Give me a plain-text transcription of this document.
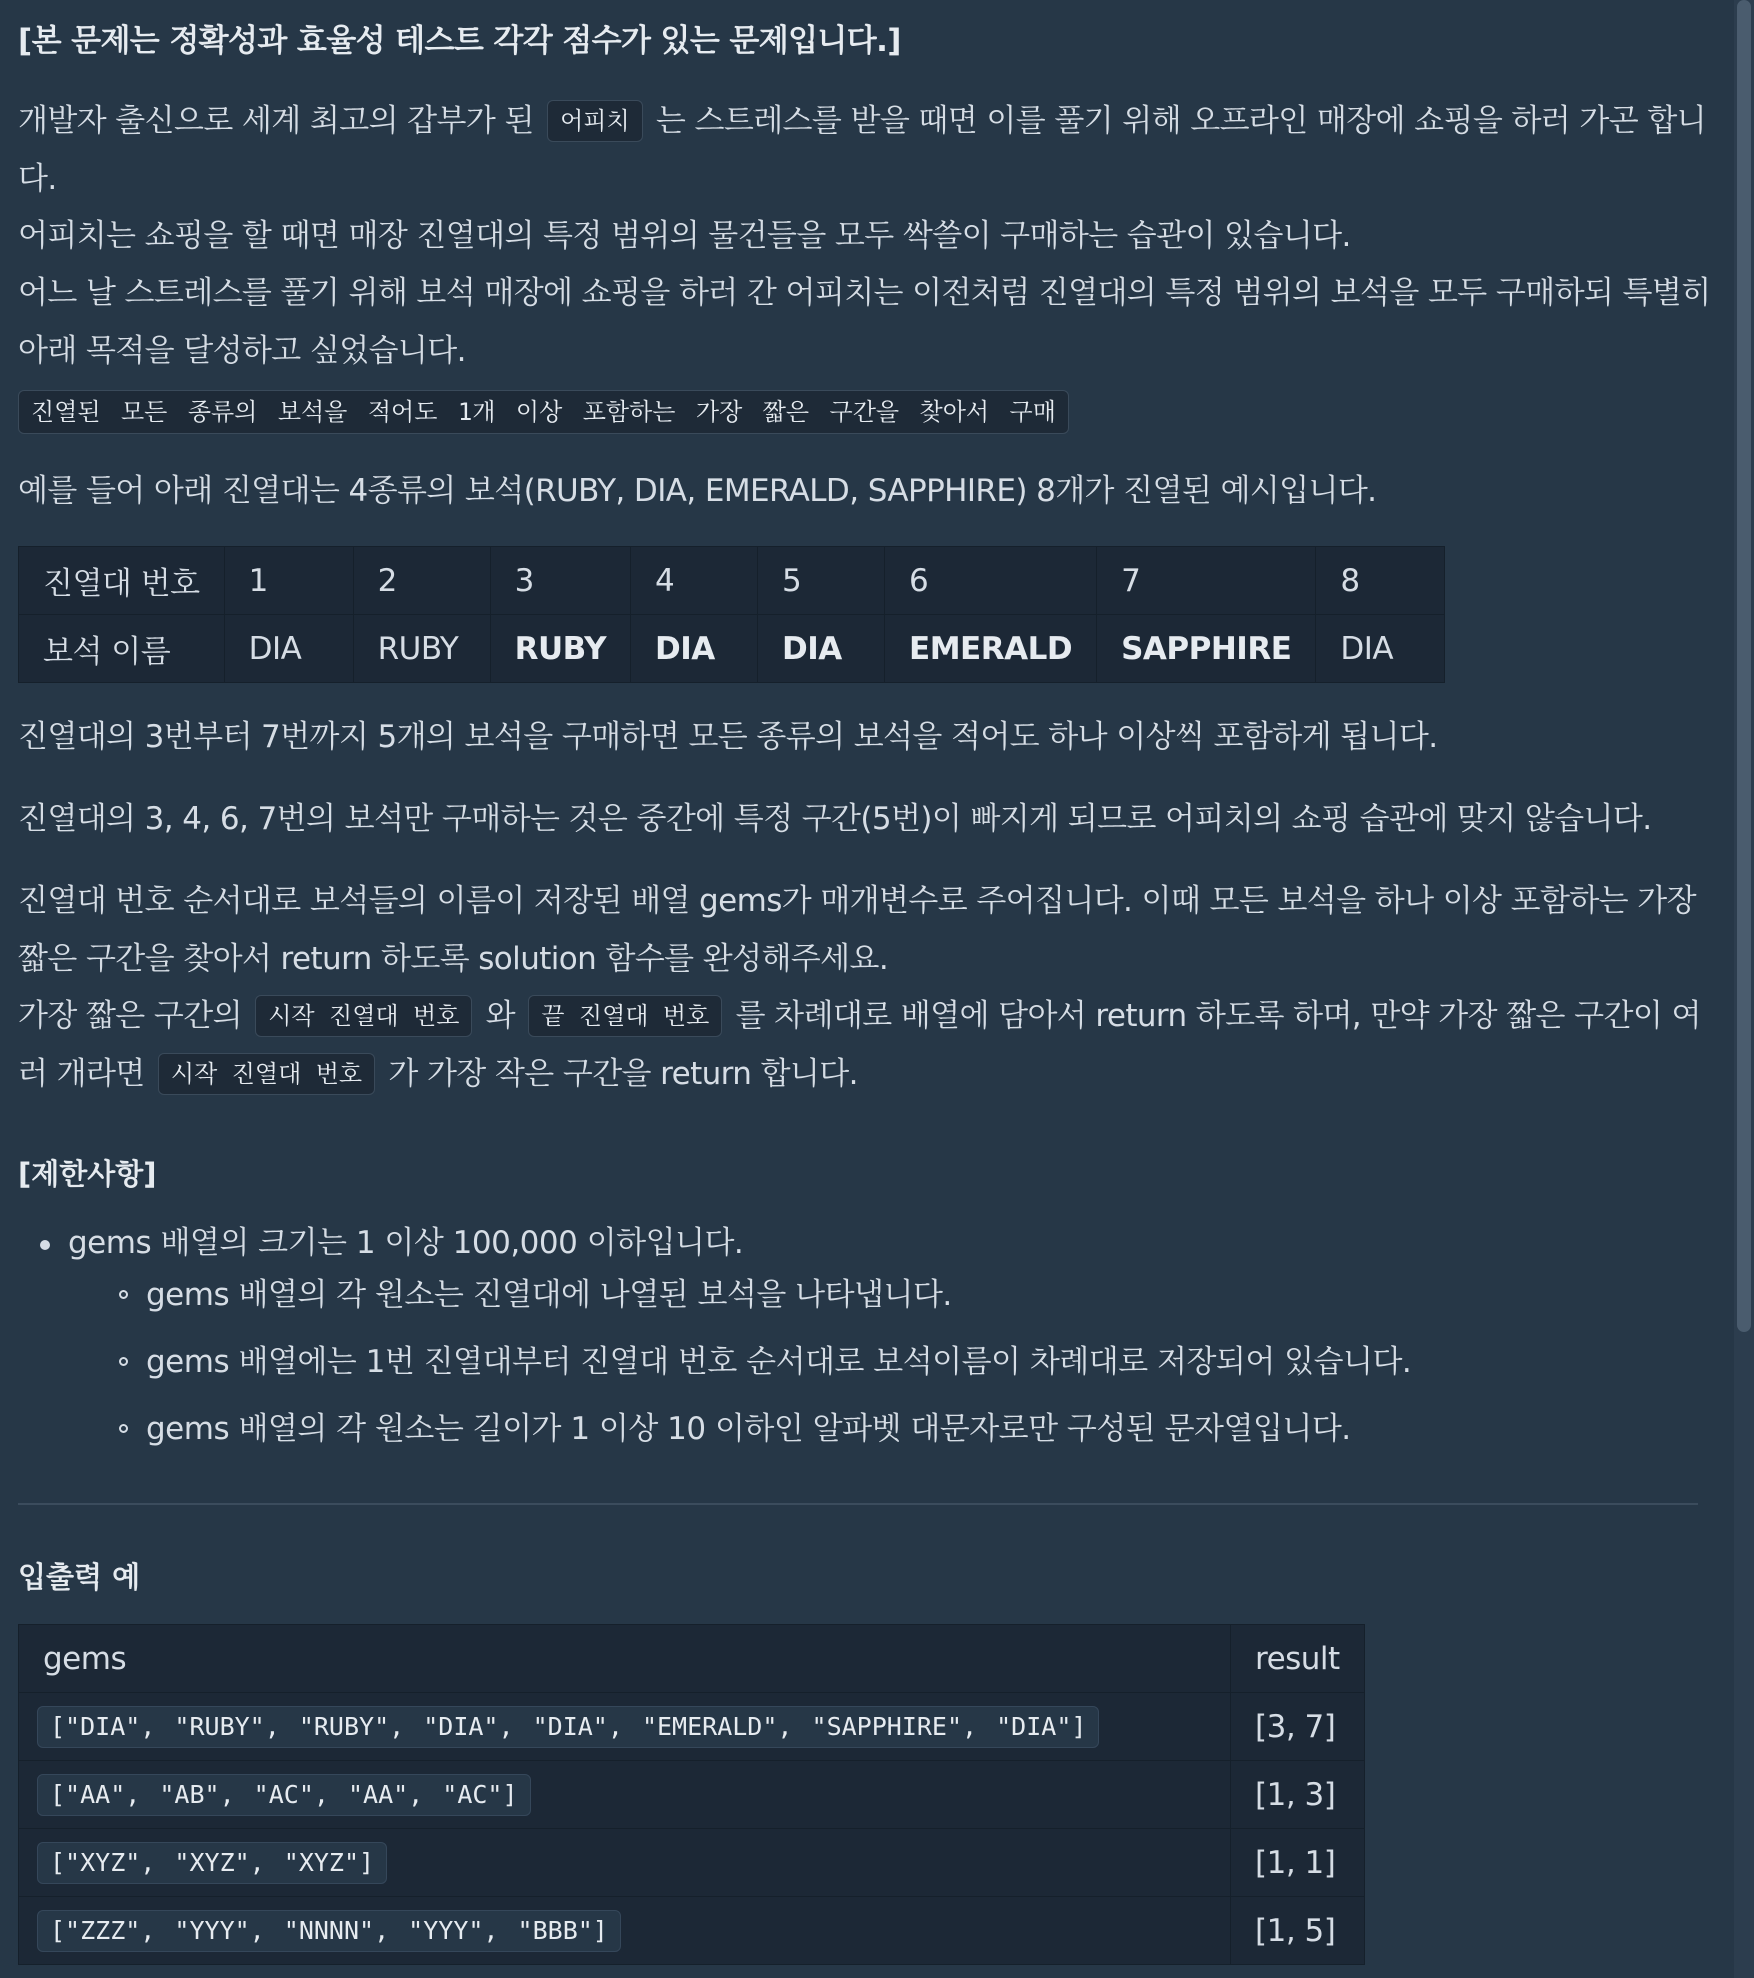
[본 문제는 정확성과 효율성 테스트 각각 점수가 있는 문제입니다.]
개발자 출신으로 세계 최고의 갑부가 된 어피치 는 스트레스를 받을 때면 이를 풀기 위해 오프라인 매장에 쇼핑을 하러 가곤 합니
다.
어피치는 쇼핑을 할 때면 매장 진열대의 특정 범위의 물건들을 모두 싹쓸이 구매하는 습관이 있습니다.
어느 날 스트레스를 풀기 위해 보석 매장에 쇼핑을 하러 간 어피치는 이전처럼 진열대의 특정 범위의 보석을 모두 구매하되 특별히
아래 목적을 달성하고 싶었습니다.
진열된 모든 종류의 보석을 적어도 1개 이상 포함하는 가장 짧은 구간을 찾아서 구매
예를 들어 아래 진열대는 4종류의 보석(RUBY, DIA, EMERALD, SAPPHIRE) 8개가 진열된 예시입니다.
진열대 번호	1	2	3	4	5	6	7	8
보석 이름	DIA	RUBY	RUBY	DIA	DIA	EMERALD	SAPPHIRE	DIA
진열대의 3번부터 7번까지 5개의 보석을 구매하면 모든 종류의 보석을 적어도 하나 이상씩 포함하게 됩니다.
진열대의 3, 4, 6, 7번의 보석만 구매하는 것은 중간에 특정 구간(5번)이 빠지게 되므로 어피치의 쇼핑 습관에 맞지 않습니다.
진열대 번호 순서대로 보석들의 이름이 저장된 배열 gems가 매개변수로 주어집니다. 이때 모든 보석을 하나 이상 포함하는 가장
짧은 구간을 찾아서 return 하도록 solution 함수를 완성해주세요.
가장 짧은 구간의 시작 진열대 번호 와 끝 진열대 번호 를 차례대로 배열에 담아서 return 하도록 하며, 만약 가장 짧은 구간이 여
러 개라면 시작 진열대 번호 가 가장 작은 구간을 return 합니다.
[제한사항]
gems 배열의 크기는 1 이상 100,000 이하입니다.
gems 배열의 각 원소는 진열대에 나열된 보석을 나타냅니다.
gems 배열에는 1번 진열대부터 진열대 번호 순서대로 보석이름이 차례대로 저장되어 있습니다.
gems 배열의 각 원소는 길이가 1 이상 10 이하인 알파벳 대문자로만 구성된 문자열입니다.
입출력 예
gems	result
["DIA", "RUBY", "RUBY", "DIA", "DIA", "EMERALD", "SAPPHIRE", "DIA"]	[3, 7]
["AA", "AB", "AC", "AA", "AC"]	[1, 3]
["XYZ", "XYZ", "XYZ"]	[1, 1]
["ZZZ", "YYY", "NNNN", "YYY", "BBB"]	[1, 5]
